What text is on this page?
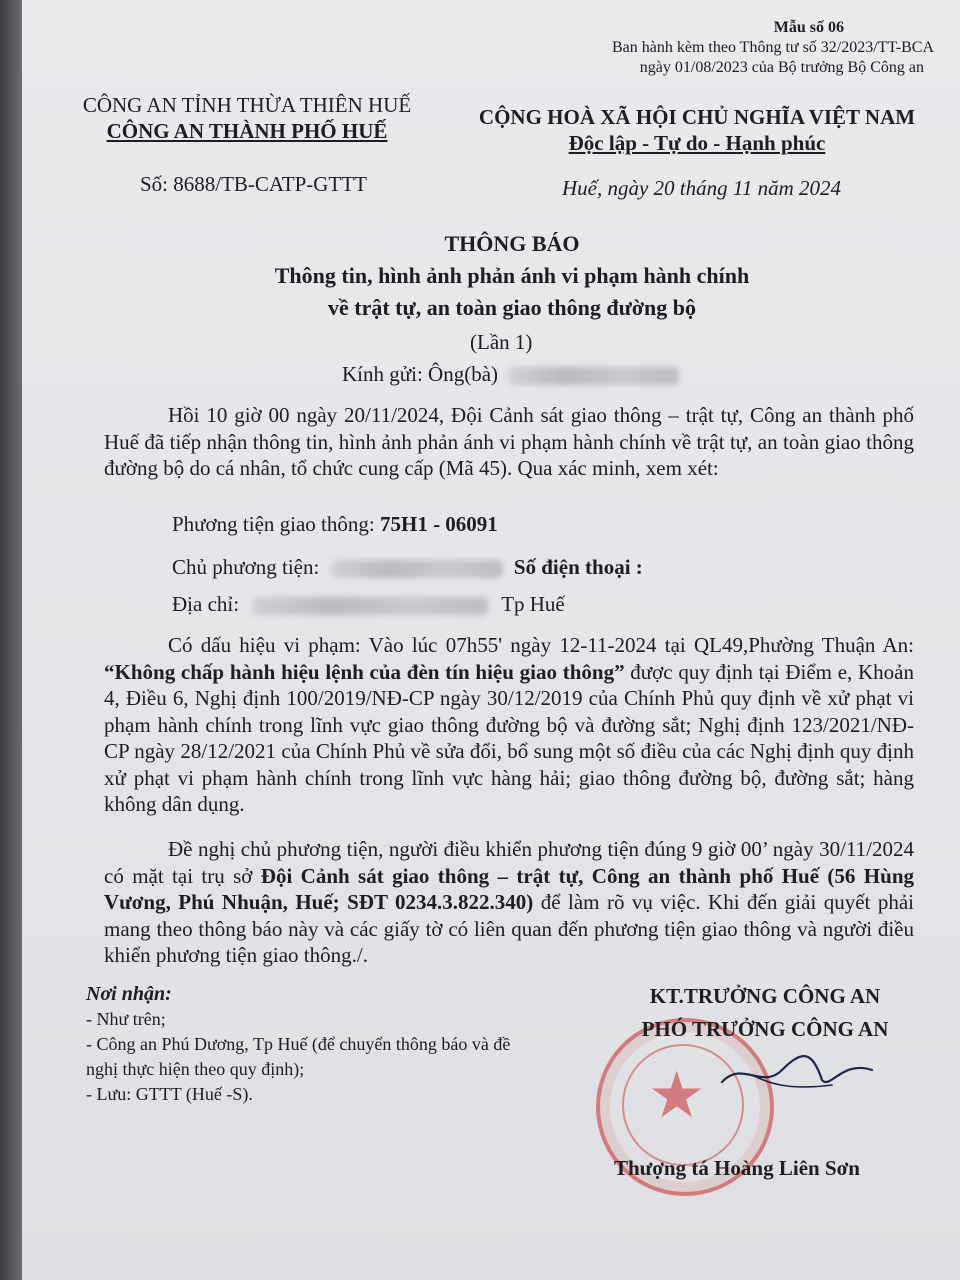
Mẫu số 06
Ban hành kèm theo Thông tư số 32/2023/TT-BCA
ngày 01/08/2023 của Bộ trưởng Bộ Công an
CÔNG AN TỈNH THỪA THIÊN HUẾ
CÔNG AN THÀNH PHỐ HUẾ
Số: 8688/TB-CATP-GTTT
CỘNG HOÀ XÃ HỘI CHỦ NGHĨA VIỆT NAM
Độc lập - Tự do - Hạnh phúc
Huế, ngày 20 tháng 11 năm 2024
THÔNG BÁO
Thông tin, hình ảnh phản ánh vi phạm hành chính
về trật tự, an toàn giao thông đường bộ
(Lần 1)
Kính gửi: Ông(bà)
Hồi 10 giờ 00 ngày 20/11/2024, Đội Cảnh sát giao thông – trật tự, Công an thành phố Huế đã tiếp nhận thông tin, hình ảnh phản ánh vi phạm hành chính về trật tự, an toàn giao thông đường bộ do cá nhân, tổ chức cung cấp (Mã 45). Qua xác minh, xem xét:
Phương tiện giao thông: 75H1 - 06091
Chủ phương tiện:	Số điện thoại :
Địa chỉ:	Tp Huế
Có dấu hiệu vi phạm: Vào lúc 07h55' ngày 12-11-2024 tại QL49,Phường Thuận An: “Không chấp hành hiệu lệnh của đèn tín hiệu giao thông” được quy định tại Điểm e, Khoản 4, Điều 6, Nghị định 100/2019/NĐ-CP ngày 30/12/2019 của Chính Phủ quy định về xử phạt vi phạm hành chính trong lĩnh vực giao thông đường bộ và đường sắt; Nghị định 123/2021/NĐ-CP ngày 28/12/2021 của Chính Phủ về sửa đổi, bổ sung một số điều của các Nghị định quy định xử phạt vi phạm hành chính trong lĩnh vực hàng hải; giao thông đường bộ, đường sắt; hàng không dân dụng.
Đề nghị chủ phương tiện, người điều khiển phương tiện đúng 9 giờ 00’ ngày 30/11/2024 có mặt tại trụ sở Đội Cảnh sát giao thông – trật tự, Công an thành phố Huế (56 Hùng Vương, Phú Nhuận, Huế; SĐT 0234.3.822.340) để làm rõ vụ việc. Khi đến giải quyết phải mang theo thông báo này và các giấy tờ có liên quan đến phương tiện giao thông và người điều khiển phương tiện giao thông./.
Nơi nhận:
- Như trên;
- Công an Phú Dương, Tp Huế (để chuyển thông báo và đề nghị thực hiện theo quy định);
- Lưu: GTTT (Huế -S).	★
KT.TRƯỞNG CÔNG AN
PHÓ TRƯỞNG CÔNG AN
Thượng tá Hoàng Liên Sơn
